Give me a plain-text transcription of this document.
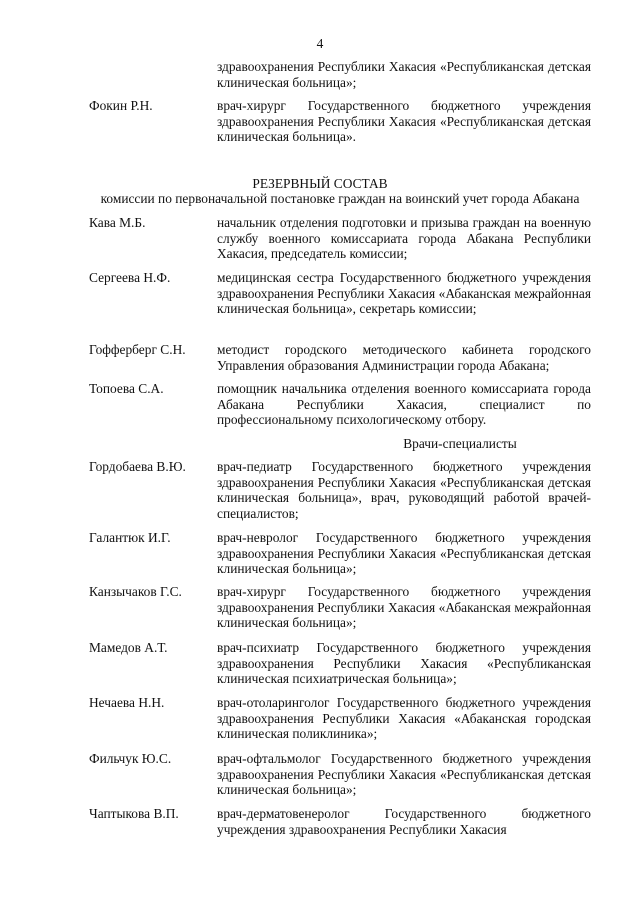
4
здравоохранения Республики Хакасия «Республиканская детская клиническая больница»;
Фокин Р.Н.	врач-хирург Государственного бюджетного учреждения здравоохранения Республики Хакасия «Республиканская детская клиническая больница».
РЕЗЕРВНЫЙ СОСТАВ
комиссии по первоначальной постановке граждан на воинский учет города Абакана
Кава М.Б.	начальник отделения подготовки и призыва граждан на военную службу военного комиссариата города Абакана Республики Хакасия, председатель комиссии;
Сергеева Н.Ф.	медицинская сестра Государственного бюджетного учреждения здравоохранения Республики Хакасия «Абаканская межрайонная клиническая больница», секретарь комиссии;
Гофферберг С.Н.	методист городского методического кабинета городского Управления образования Администрации города Абакана;
Топоева С.А.	помощник начальника отделения военного комиссариата города Абакана Республики Хакасия, специалист по профессиональному психологическому отбору.
Врачи-специалисты
Гордобаева В.Ю.	врач-педиатр Государственного бюджетного учреждения здравоохранения Республики Хакасия «Республиканская детская клиническая больница», врач, руководящий работой врачей-специалистов;
Галантюк И.Г.	врач-невролог Государственного бюджетного учреждения здравоохранения Республики Хакасия «Республиканская детская клиническая больница»;
Канзычаков Г.С.	врач-хирург Государственного бюджетного учреждения здравоохранения Республики Хакасия «Абаканская межрайонная клиническая больница»;
Мамедов А.Т.	врач-психиатр Государственного бюджетного учреждения здравоохранения Республики Хакасия «Республиканская клиническая психиатрическая больница»;
Нечаева Н.Н.	врач-отоларинголог Государственного бюджетного учреждения здравоохранения Республики Хакасия «Абаканская городская клиническая поликлиника»;
Фильчук Ю.С.	врач-офтальмолог Государственного бюджетного учреждения здравоохранения Республики Хакасия «Республиканская детская клиническая больница»;
Чаптыкова В.П.	врач-дерматовенеролог Государственного бюджетного учреждения здравоохранения Республики Хакасия
